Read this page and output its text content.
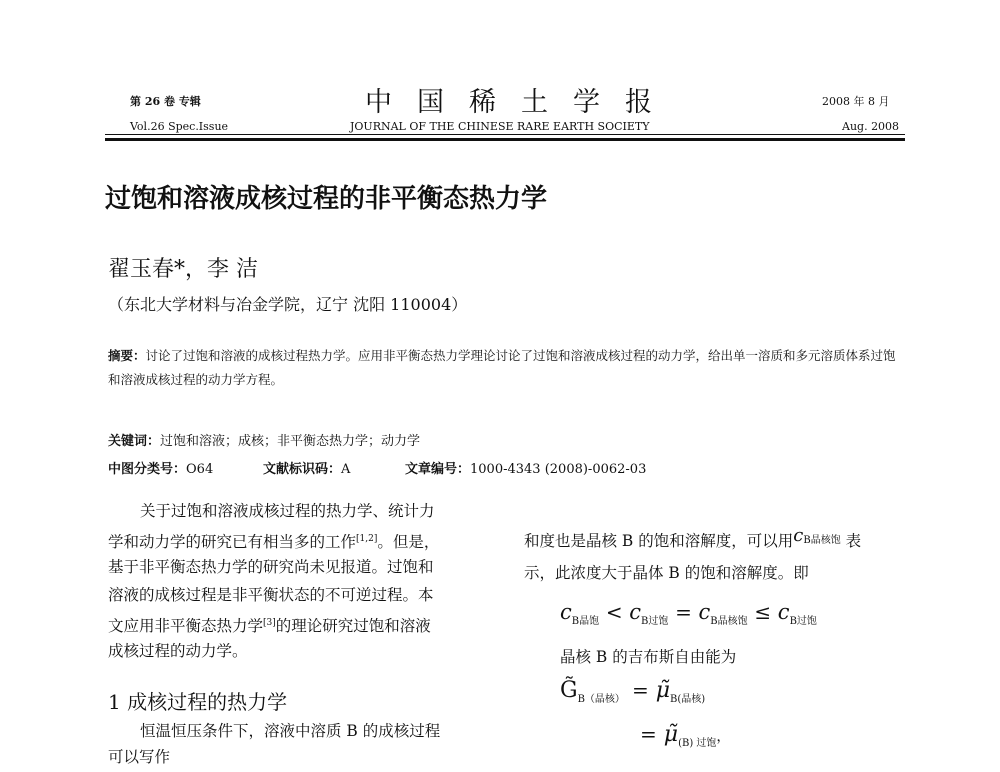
第 26 卷 专辑
Vol.26 Spec.Issue
中国稀土学报
JOURNAL OF THE CHINESE RARE EARTH SOCIETY
2008 年 8 月
Aug. 2008
过饱和溶液成核过程的非平衡态热力学
翟玉春*，李 洁
（东北大学材料与冶金学院，辽宁 沈阳 110004）
摘要：讨论了过饱和溶液的成核过程热力学。应用非平衡态热力学理论讨论了过饱和溶液成核过程的动力学，给出单一溶质和多元溶质体系过饱和溶液成核过程的动力学方程。
关键词：过饱和溶液；成核；非平衡态热力学；动力学
中图分类号：O64	文献标识码：A	文章编号：1000-4343 (2008)-0062-03
关于过饱和溶液成核过程的热力学、统计力
学和动力学的研究已有相当多的工作[1,2]。但是，
基于非平衡态热力学的研究尚未见报道。过饱和
溶液的成核过程是非平衡状态的不可逆过程。本
文应用非平衡态热力学[3]的理论研究过饱和溶液
成核过程的动力学。
1 成核过程的热力学
恒温恒压条件下，溶液中溶质 B 的成核过程
可以写作
和度也是晶核 B 的饱和溶解度，可以用$c^{B晶核饱}$ 表
示，此浓度大于晶体 B 的饱和溶解度。即
$c_{B晶饱} < c_{B过饱} = c_{B晶核饱} \le c_{B过饱}$
晶核 B 的吉布斯自由能为
$G̃_{B(晶核)}$ = $\mũ_{B(晶核)}$
= $\mũ_{(B) 过饱}$，
